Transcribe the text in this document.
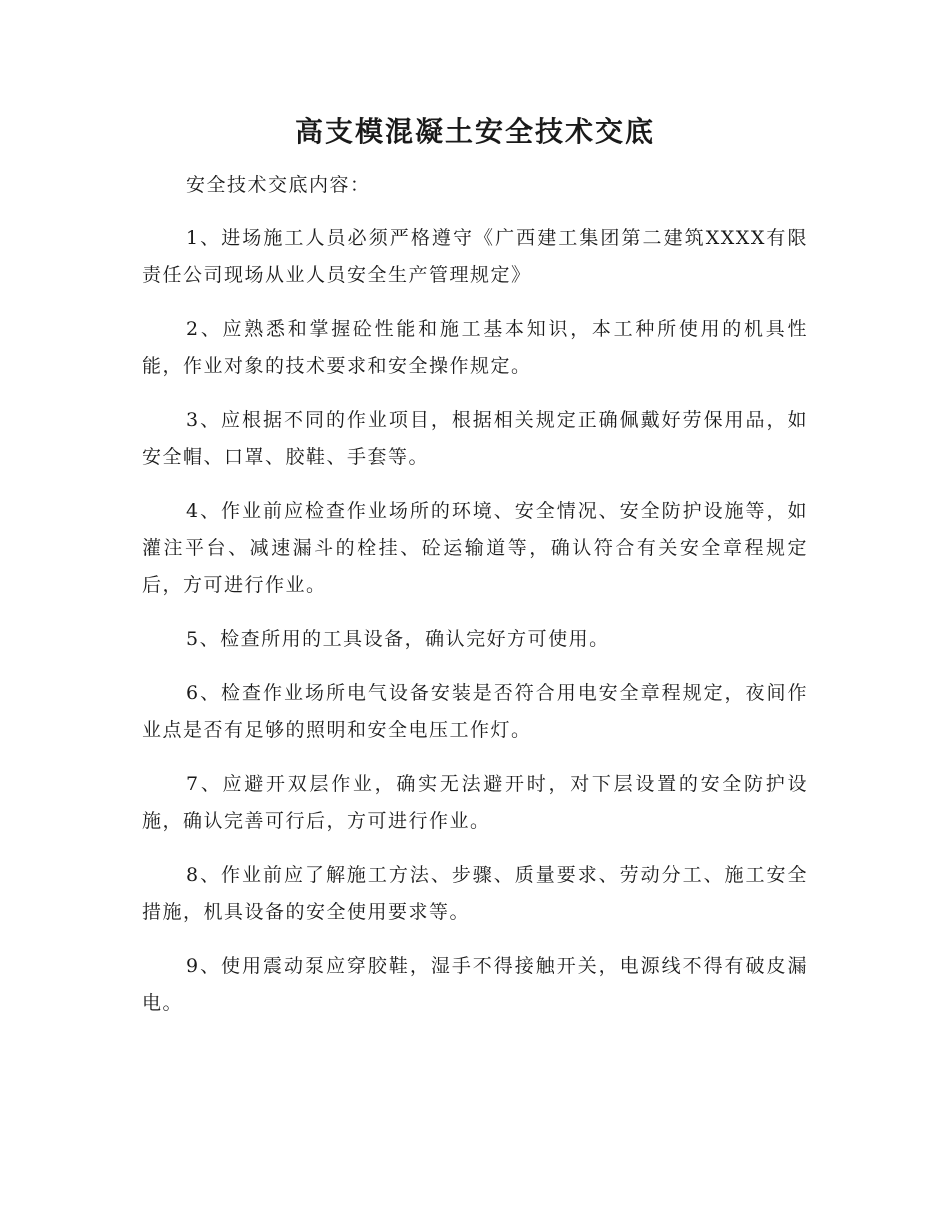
高支模混凝土安全技术交底

安全技术交底内容：

1、进场施工人员必须严格遵守《广西建工集团第二建筑XXXX有限责任公司现场从业人员安全生产管理规定》
2、应熟悉和掌握砼性能和施工基本知识，本工种所使用的机具性能，作业对象的技术要求和安全操作规定。
3、应根据不同的作业项目，根据相关规定正确佩戴好劳保用品，如安全帽、口罩、胶鞋、手套等。
4、作业前应检查作业场所的环境、安全情况、安全防护设施等，如灌注平台、减速漏斗的栓挂、砼运输道等，确认符合有关安全章程规定后，方可进行作业。
5、检查所用的工具设备，确认完好方可使用。
6、检查作业场所电气设备安装是否符合用电安全章程规定，夜间作业点是否有足够的照明和安全电压工作灯。
7、应避开双层作业，确实无法避开时，对下层设置的安全防护设施，确认完善可行后，方可进行作业。
8、作业前应了解施工方法、步骤、质量要求、劳动分工、施工安全措施，机具设备的安全使用要求等。
9、使用震动泵应穿胶鞋，湿手不得接触开关，电源线不得有破皮漏电。
